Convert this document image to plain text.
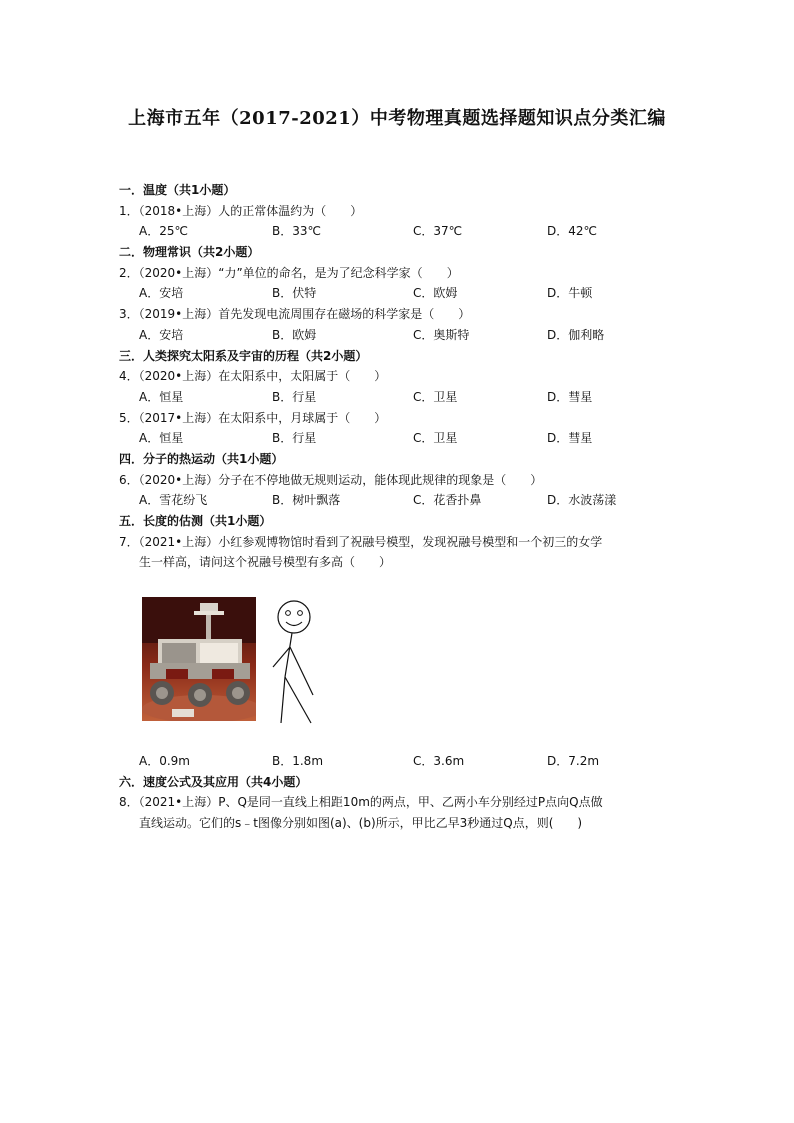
上海市五年（2017-2021）中考物理真题选择题知识点分类汇编
一．温度（共1小题）
1．（2018•上海）人的正常体温约为（　　）
A．25℃	B．33℃	C．37℃	D．42℃
二．物理常识（共2小题）
2．（2020•上海）“力”单位的命名，是为了纪念科学家（　　）
A．安培	B．伏特	C．欧姆	D．牛顿
3．（2019•上海）首先发现电流周围存在磁场的科学家是（　　）
A．安培	B．欧姆	C．奥斯特	D．伽利略
三．人类探究太阳系及宇宙的历程（共2小题）
4．（2020•上海）在太阳系中，太阳属于（　　）
A．恒星	B．行星	C．卫星	D．彗星
5．（2017•上海）在太阳系中，月球属于（　　）
A．恒星	B．行星	C．卫星	D．彗星
四．分子的热运动（共1小题）
6．（2020•上海）分子在不停地做无规则运动，能体现此规律的现象是（　　）
A．雪花纷飞	B．树叶飘落	C．花香扑鼻	D．水波荡漾
五．长度的估测（共1小题）
7．（2021•上海）小红参观博物馆时看到了祝融号模型，发现祝融号模型和一个初三的女学
生一样高，请问这个祝融号模型有多高（　　）
A．0.9m	B．1.8m	C．3.6m	D．7.2m
六．速度公式及其应用（共4小题）
8．（2021•上海）P、Q是同一直线上相距10m的两点，甲、乙两小车分别经过P点向Q点做
直线运动。它们的s﹣t图像分别如图(a)、(b)所示，甲比乙早3秒通过Q点，则(　　)
